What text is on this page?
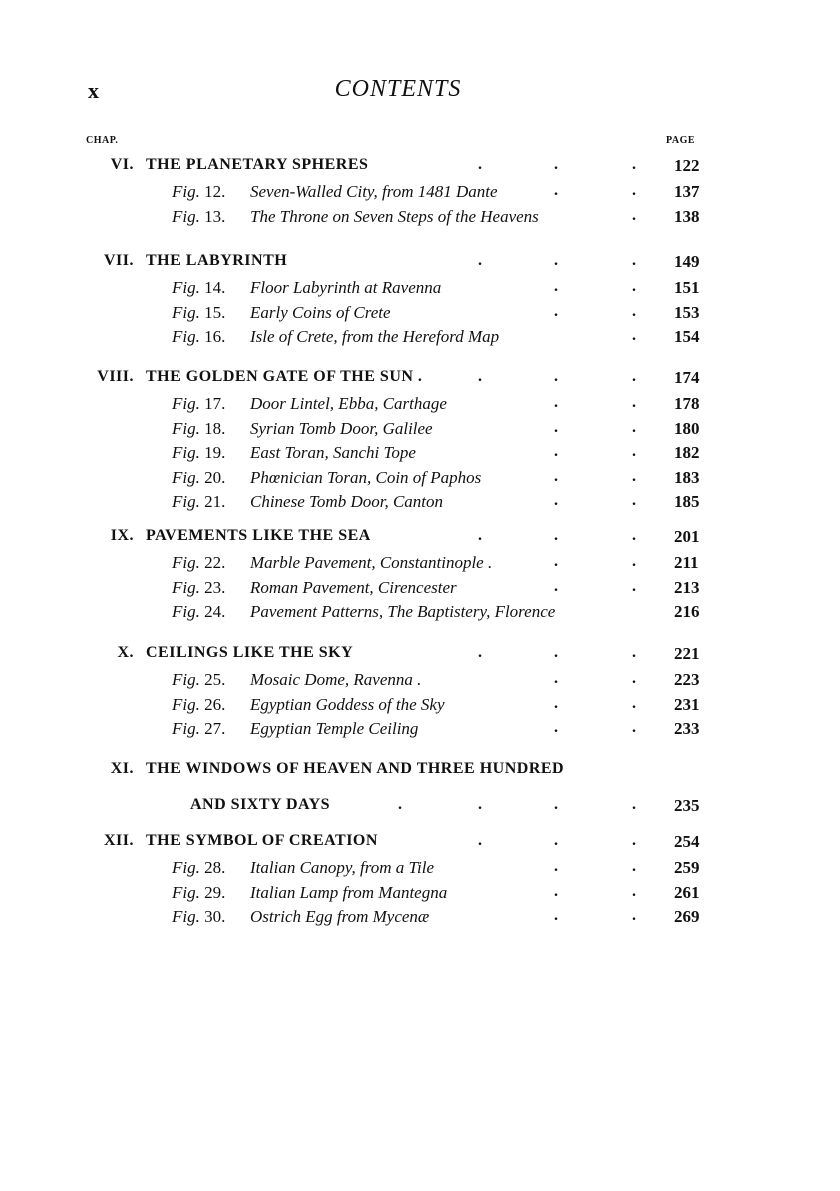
x	CONTENTS
CHAP.	PAGE
VI. THE PLANETARY SPHERES	.	.	. 122
Fig. 12. Seven-Walled City, from 1481 Dante	.	. 137
Fig. 13. The Throne on Seven Steps of the Heavens	. 138
VII. THE LABYRINTH	.	.	. 149
Fig. 14. Floor Labyrinth at Ravenna	.	. 151
Fig. 15. Early Coins of Crete	.	. 153
Fig. 16. Isle of Crete, from the Hereford Map	. 154
VIII. THE GOLDEN GATE OF THE SUN .	.	.	. 174
Fig. 17. Door Lintel, Ebba, Carthage	.	. 178
Fig. 18. Syrian Tomb Door, Galilee	.	. 180
Fig. 19. East Toran, Sanchi Tope	.	. 182
Fig. 20. Phœnician Toran, Coin of Paphos	.	. 183
Fig. 21. Chinese Tomb Door, Canton	.	. 185
IX. PAVEMENTS LIKE THE SEA	.	.	. 201
Fig. 22. Marble Pavement, Constantinople .	.	. 211
Fig. 23. Roman Pavement, Cirencester	.	. 213
Fig. 24. Pavement Patterns, The Baptistery, Florence	216
X. CEILINGS LIKE THE SKY	.	.	. 221
Fig. 25. Mosaic Dome, Ravenna .	.	. 223
Fig. 26. Egyptian Goddess of the Sky	.	. 231
Fig. 27. Egyptian Temple Ceiling	.	. 233
XI. THE WINDOWS OF HEAVEN AND THREE HUNDRED
AND SIXTY DAYS	.	.	.	. 235
XII. THE SYMBOL OF CREATION	.	.	. 254
Fig. 28. Italian Canopy, from a Tile	.	. 259
Fig. 29. Italian Lamp from Mantegna	.	. 261
Fig. 30. Ostrich Egg from Mycenæ	.	. 269
